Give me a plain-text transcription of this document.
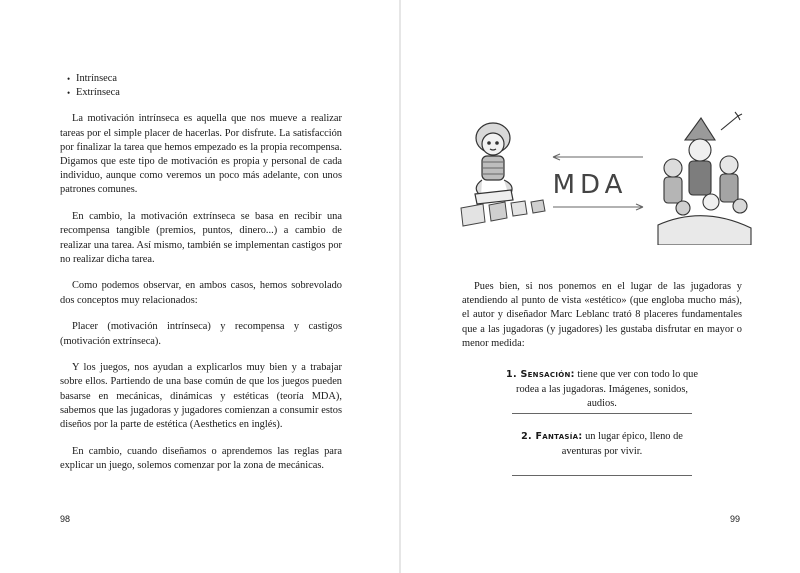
• Intrínseca
• Extrínseca

La motivación intrínseca es aquella que nos mueve a realizar tareas por el simple placer de hacerlas. Por disfrute. La satisfacción por finalizar la tarea que hemos empezado es la propia recompensa. Digamos que este tipo de motivación es propia y personal de cada individuo, aunque como veremos un poco más adelante, con unos patrones comunes.

En cambio, la motivación extrínseca se basa en recibir una recompensa tangible (premios, puntos, dinero...) a cambio de realizar una tarea. Así mismo, también se implementan castigos por no realizar dicha tarea.

Como podemos observar, en ambos casos, hemos sobrevolado dos conceptos muy relacionados:

Placer (motivación intrínseca) y recompensa y castigos (motivación extrínseca).

Y los juegos, nos ayudan a explicarlos muy bien y a trabajar sobre ellos. Partiendo de una base común de que los juegos pueden basarse en mecánicas, dinámicas y estéticas (teoría MDA), sabemos que las jugadoras y jugadores comienzan a consumir estos diseños por la parte de estética (Aesthetics en inglés).

En cambio, cuando diseñamos o aprendemos las reglas para explicar un juego, solemos comenzar por la zona de mecánicas.

98
MDA

Pues bien, si nos ponemos en el lugar de las jugadoras y atendiendo al punto de vista «estético» (que engloba mucho más), el autor y diseñador Marc Leblanc trató 8 placeres fundamentales que a las jugadoras (y jugadores) les gustaba disfrutar en mayor o menor medida:

1. Sensación: tiene que ver con todo lo que rodea a las jugadoras. Imágenes, sonidos, audios.
2. Fantasía: un lugar épico, lleno de aventuras por vivir.
99
